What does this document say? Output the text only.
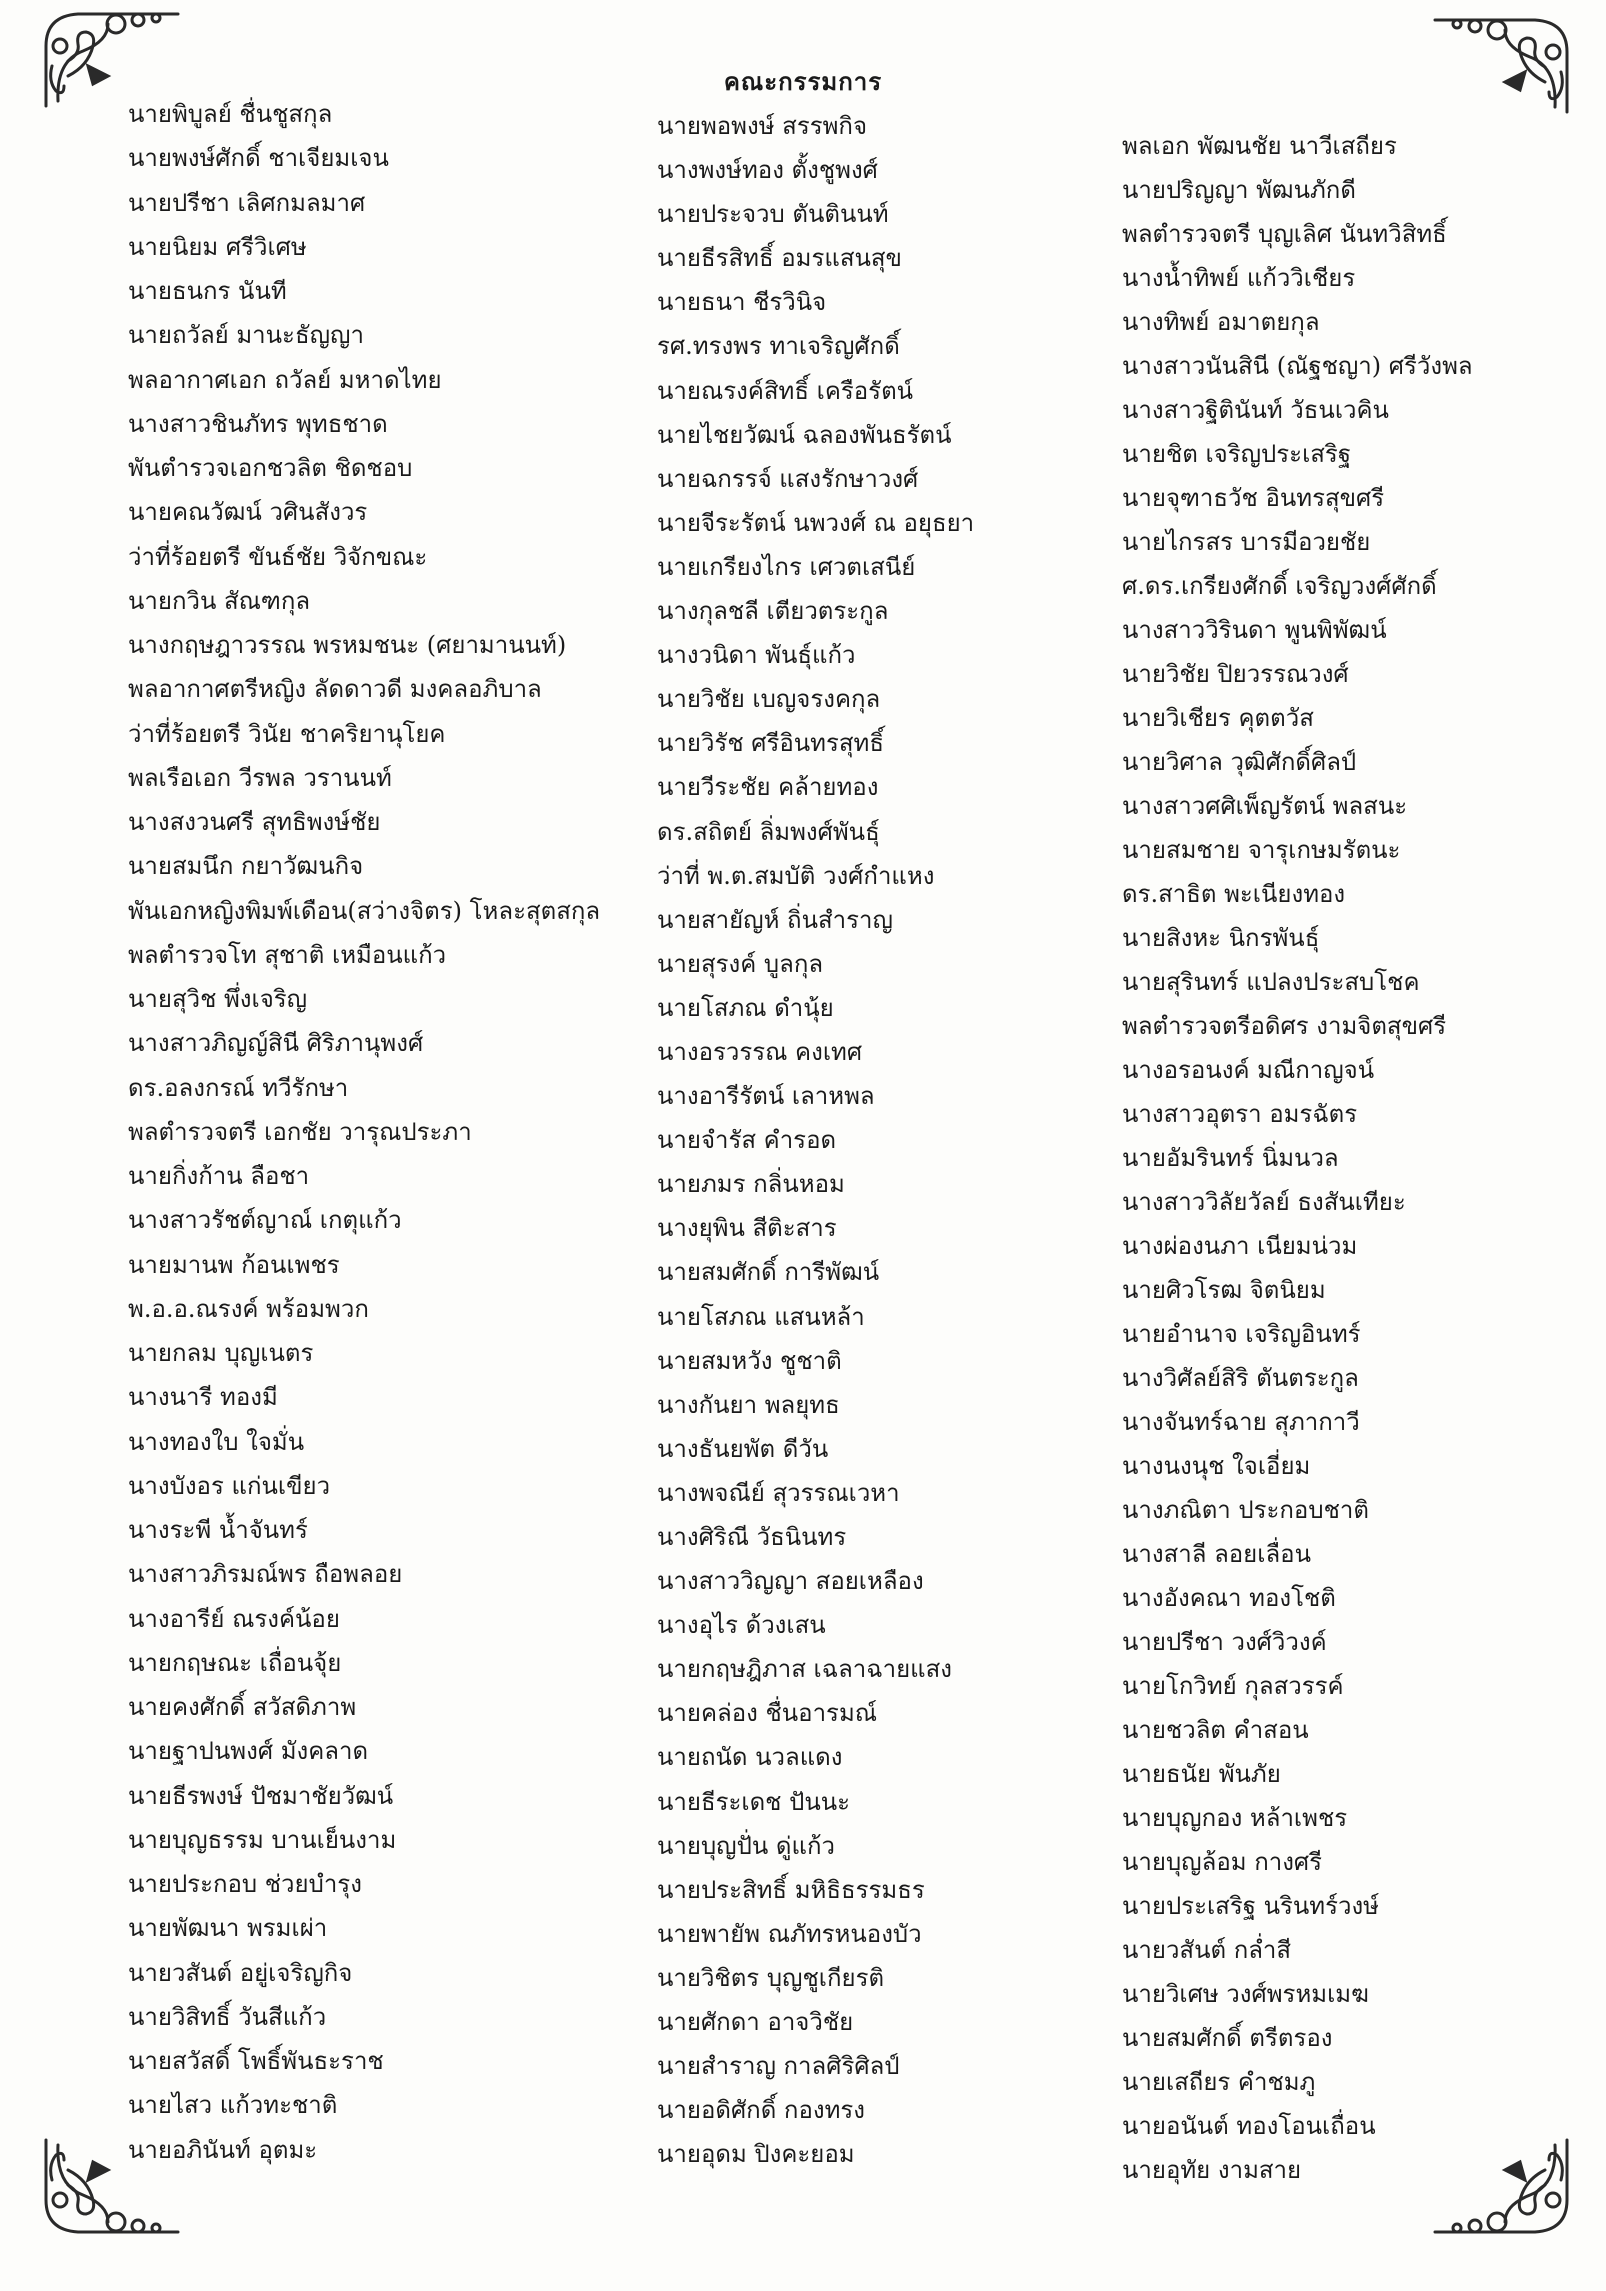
คณะกรรมการ
นายพิบูลย์ ชื่นชูสกุล
นายพงษ์ศักดิ์ ชาเจียมเจน
นายปรีชา เลิศกมลมาศ
นายนิยม ศรีวิเศษ
นายธนกร นันที
นายถวัลย์ มานะธัญญา
พลอากาศเอก ถวัลย์ มหาดไทย
นางสาวชินภัทร พุทธชาด
พันตำรวจเอกชวลิต ชิดชอบ
นายคณวัฒน์ วศินสังวร
ว่าที่ร้อยตรี ขันธ์ชัย วิจักขณะ
นายกวิน สัณฑกุล
นางกฤษฎาวรรณ พรหมชนะ (ศยามานนท์)
พลอากาศตรีหญิง ลัดดาวดี มงคลอภิบาล
ว่าที่ร้อยตรี วินัย ชาคริยานุโยค
พลเรือเอก วีรพล วรานนท์
นางสงวนศรี สุทธิพงษ์ชัย
นายสมนึก กยาวัฒนกิจ
พันเอกหญิงพิมพ์เดือน(สว่างจิตร) โหละสุตสกุล
พลตำรวจโท สุชาติ เหมือนแก้ว
นายสุวิช พึ่งเจริญ
นางสาวภิญญ์สินี ศิริภานุพงศ์
ดร.อลงกรณ์ ทวีรักษา
พลตำรวจตรี เอกชัย วารุณประภา
นายกิ่งก้าน ลือชา
นางสาวรัชต์ญาณ์ เกตุแก้ว
นายมานพ ก้อนเพชร
พ.อ.อ.ณรงค์ พร้อมพวก
นายกลม บุญเนตร
นางนารี ทองมี
นางทองใบ ใจมั่น
นางบังอร แก่นเขียว
นางระพี น้ำจันทร์
นางสาวภิรมณ์พร ถือพลอย
นางอารีย์ ณรงค์น้อย
นายกฤษณะ เถื่อนจุ้ย
นายคงศักดิ์ สวัสดิภาพ
นายฐาปนพงศ์ มังคลาด
นายธีรพงษ์ ปัชมาชัยวัฒน์
นายบุญธรรม บานเย็นงาม
นายประกอบ ช่วยบำรุง
นายพัฒนา พรมเผ่า
นายวสันต์ อยู่เจริญกิจ
นายวิสิทธิ์ วันสีแก้ว
นายสวัสดิ์ โพธิ์พันธะราช
นายไสว แก้วทะชาติ
นายอภินันท์ อุตมะ
นายพอพงษ์ สรรพกิจ
นางพงษ์ทอง ตั้งชูพงศ์
นายประจวบ ตันตินนท์
นายธีรสิทธิ์ อมรแสนสุข
นายธนา ชีรวินิจ
รศ.ทรงพร ทาเจริญศักดิ์
นายณรงค์สิทธิ์ เครือรัตน์
นายไชยวัฒน์ ฉลองพันธรัตน์
นายฉกรรจ์ แสงรักษาวงศ์
นายจีระรัตน์ นพวงศ์ ณ อยุธยา
นายเกรียงไกร เศวตเสนีย์
นางกุลชลี เตียวตระกูล
นางวนิดา พันธุ์แก้ว
นายวิชัย เบญจรงคกุล
นายวิรัช ศรีอินทรสุทธิ์
นายวีระชัย คล้ายทอง
ดร.สถิตย์ ลิ่มพงศ์พันธุ์
ว่าที่ พ.ต.สมบัติ วงศ์กำแหง
นายสายัญห์ ถิ่นสำราญ
นายสุรงค์ บูลกุล
นายโสภณ ดำนุ้ย
นางอรวรรณ คงเทศ
นางอารีรัตน์ เลาหพล
นายจำรัส คำรอด
นายภมร กลิ่นหอม
นางยุพิน สีติะสาร
นายสมศักดิ์ การีพัฒน์
นายโสภณ แสนหล้า
นายสมหวัง ชูชาติ
นางกันยา พลยุทธ
นางธันยพัต ดีวัน
นางพจณีย์ สุวรรณเวหา
นางศิริณี วัธนินทร
นางสาววิญญา สอยเหลือง
นางอุไร ด้วงเสน
นายกฤษฎิภาส เฉลาฉายแสง
นายคล่อง ชื่นอารมณ์
นายถนัด นวลแดง
นายธีระเดช ปันนะ
นายบุญปั่น ดู่แก้ว
นายประสิทธิ์ มหิธิธรรมธร
นายพายัพ ณภัทรหนองบัว
นายวิชิตร บุญชูเกียรติ
นายศักดา อาจวิชัย
นายสำราญ กาลศิริศิลป์
นายอดิศักดิ์ กองทรง
นายอุดม ปิงคะยอม
พลเอก พัฒนชัย นาวีเสถียร
นายปริญญา พัฒนภักดี
พลตำรวจตรี บุญเลิศ นันทวิสิทธิ์
นางน้ำทิพย์ แก้ววิเชียร
นางทิพย์ อมาตยกุล
นางสาวนันสินี (ณัฐชญา) ศรีวังพล
นางสาวฐิตินันท์ วัธนเวคิน
นายชิต เจริญประเสริฐ
นายจุฑาธวัช อินทรสุขศรี
นายไกรสร บารมีอวยชัย
ศ.ดร.เกรียงศักดิ์ เจริญวงศ์ศักดิ์
นางสาววิรินดา พูนพิพัฒน์
นายวิชัย ปิยวรรณวงศ์
นายวิเชียร คุตตวัส
นายวิศาล วุฒิศักดิ์ศิลป์
นางสาวศศิเพ็ญรัตน์ พลสนะ
นายสมชาย จารุเกษมรัตนะ
ดร.สาธิต พะเนียงทอง
นายสิงหะ นิกรพันธุ์
นายสุรินทร์ แปลงประสบโชค
พลตำรวจตรีอดิศร งามจิตสุขศรี
นางอรอนงค์ มณีกาญจน์
นางสาวอุตรา อมรฉัตร
นายอัมรินทร์ นิ่มนวล
นางสาววิลัยวัลย์ ธงสันเทียะ
นางผ่องนภา เนียมน่วม
นายศิวโรฒ จิตนิยม
นายอำนาจ เจริญอินทร์
นางวิศัลย์สิริ ตันตระกูล
นางจันทร์ฉาย สุภากาวี
นางนงนุช ใจเอี่ยม
นางภณิตา ประกอบชาติ
นางสาลี ลอยเลื่อน
นางอังคณา ทองโชติ
นายปรีชา วงศ์วิวงค์
นายโกวิทย์ กุลสวรรค์
นายชวลิต คำสอน
นายธนัย พันภัย
นายบุญกอง หล้าเพชร
นายบุญล้อม กางศรี
นายประเสริฐ นรินทร์วงษ์
นายวสันต์ กล่ำสี
นายวิเศษ วงศ์พรหมเมฆ
นายสมศักดิ์ ตรีตรอง
นายเสถียร คำชมภู
นายอนันต์ ทองโอนเถื่อน
นายอุทัย งามสาย
